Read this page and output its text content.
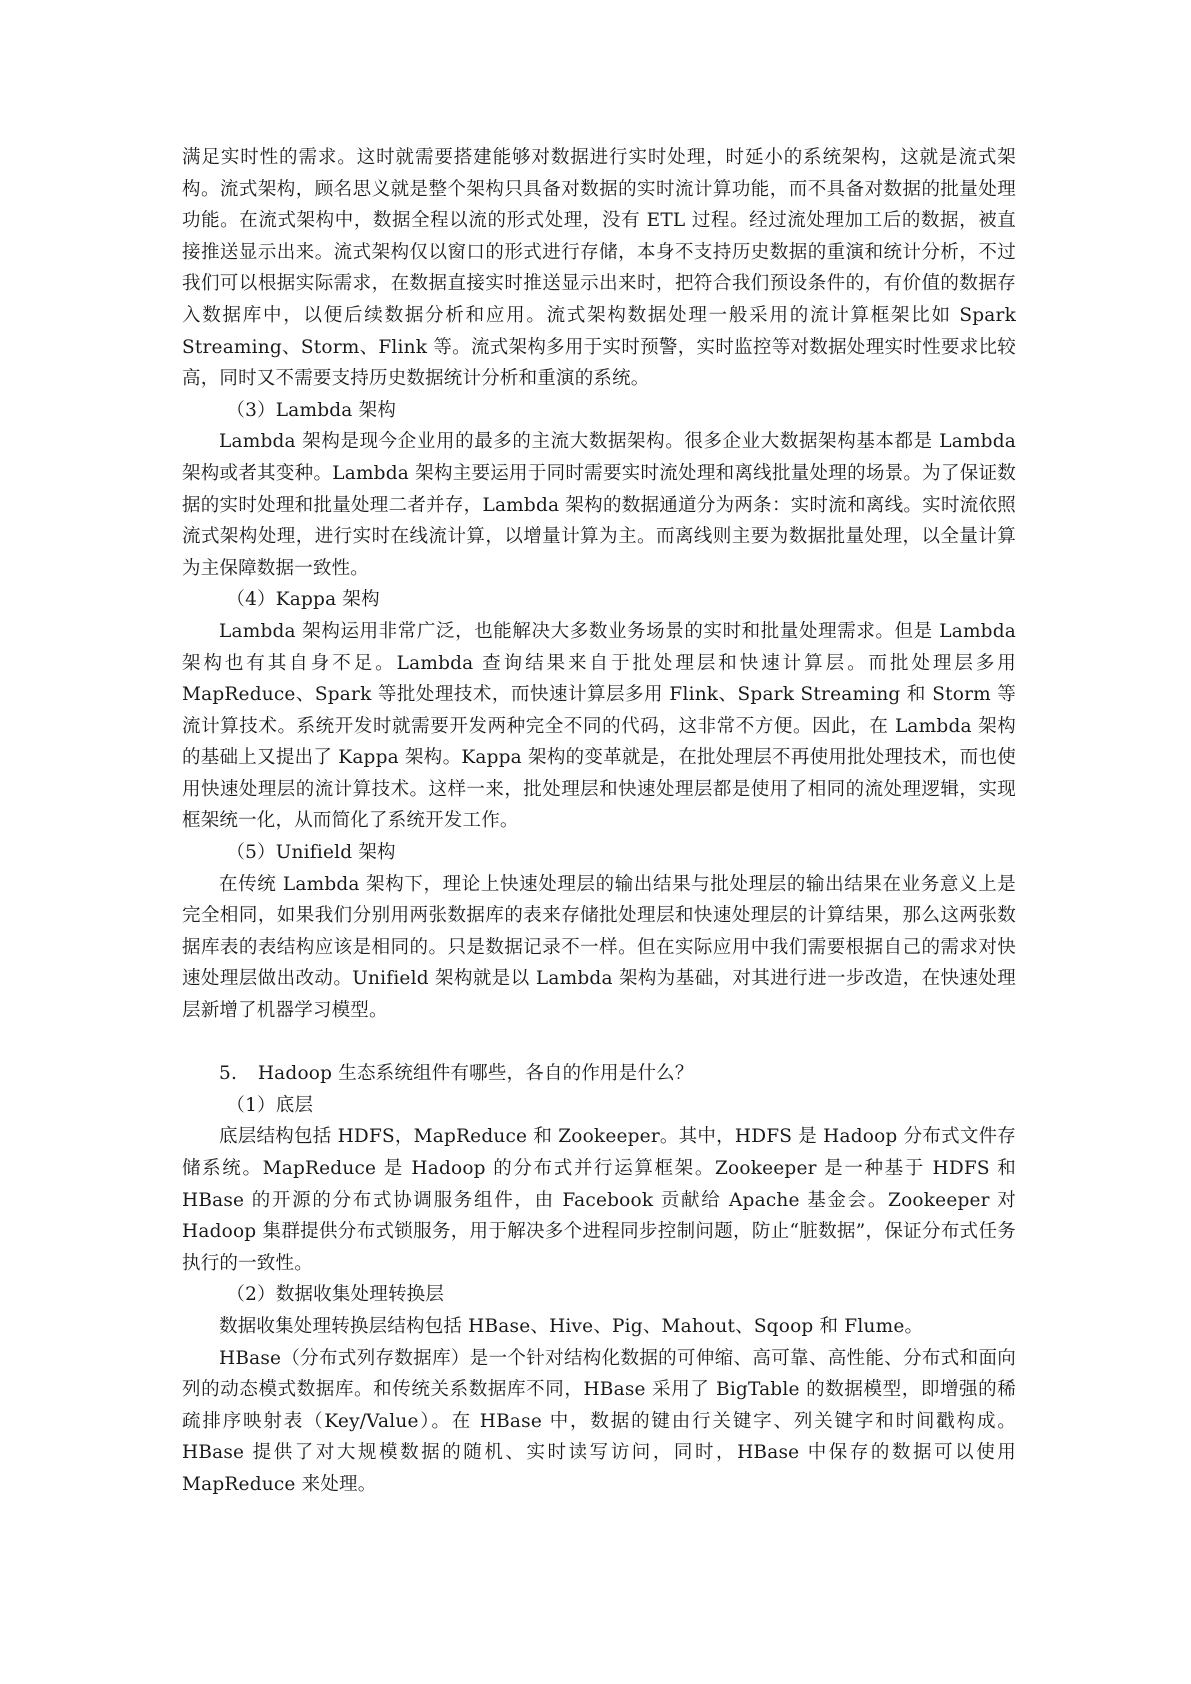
满足实时性的需求。这时就需要搭建能够对数据进行实时处理，时延小的系统架构，这就是流式架构。流式架构，顾名思义就是整个架构只具备对数据的实时流计算功能，而不具备对数据的批量处理功能。在流式架构中，数据全程以流的形式处理，没有 ETL 过程。经过流处理加工后的数据，被直接推送显示出来。流式架构仅以窗口的形式进行存储，本身不支持历史数据的重演和统计分析，不过我们可以根据实际需求，在数据直接实时推送显示出来时，把符合我们预设条件的，有价值的数据存入数据库中，以便后续数据分析和应用。流式架构数据处理一般采用的流计算框架比如 Spark Streaming、Storm、Flink 等。流式架构多用于实时预警，实时监控等对数据处理实时性要求比较高，同时又不需要支持历史数据统计分析和重演的系统。

（3）Lambda 架构

Lambda 架构是现今企业用的最多的主流大数据架构。很多企业大数据架构基本都是 Lambda 架构或者其变种。Lambda 架构主要运用于同时需要实时流处理和离线批量处理的场景。为了保证数据的实时处理和批量处理二者并存，Lambda 架构的数据通道分为两条：实时流和离线。实时流依照流式架构处理，进行实时在线流计算，以增量计算为主。而离线则主要为数据批量处理，以全量计算为主保障数据一致性。

（4）Kappa 架构

Lambda 架构运用非常广泛，也能解决大多数业务场景的实时和批量处理需求。但是 Lambda 架构也有其自身不足。Lambda 查询结果来自于批处理层和快速计算层。而批处理层多用 MapReduce、Spark 等批处理技术，而快速计算层多用 Flink、Spark Streaming 和 Storm 等流计算技术。系统开发时就需要开发两种完全不同的代码，这非常不方便。因此，在 Lambda 架构的基础上又提出了 Kappa 架构。Kappa 架构的变革就是，在批处理层不再使用批处理技术，而也使用快速处理层的流计算技术。这样一来，批处理层和快速处理层都是使用了相同的流处理逻辑，实现框架统一化，从而简化了系统开发工作。

（5）Unifield 架构

在传统 Lambda 架构下，理论上快速处理层的输出结果与批处理层的输出结果在业务意义上是完全相同，如果我们分别用两张数据库的表来存储批处理层和快速处理层的计算结果，那么这两张数据库表的表结构应该是相同的。只是数据记录不一样。但在实际应用中我们需要根据自己的需求对快速处理层做出改动。Unifield 架构就是以 Lambda 架构为基础，对其进行进一步改造，在快速处理层新增了机器学习模型。

5. Hadoop 生态系统组件有哪些，各自的作用是什么？

（1）底层

底层结构包括 HDFS，MapReduce 和 Zookeeper。其中，HDFS 是 Hadoop 分布式文件存储系统。MapReduce 是 Hadoop 的分布式并行运算框架。Zookeeper 是一种基于 HDFS 和 HBase 的开源的分布式协调服务组件，由 Facebook 贡献给 Apache 基金会。Zookeeper 对 Hadoop 集群提供分布式锁服务，用于解决多个进程同步控制问题，防止“脏数据”，保证分布式任务执行的一致性。

（2）数据收集处理转换层

数据收集处理转换层结构包括 HBase、Hive、Pig、Mahout、Sqoop 和 Flume。

HBase（分布式列存数据库）是一个针对结构化数据的可伸缩、高可靠、高性能、分布式和面向列的动态模式数据库。和传统关系数据库不同，HBase 采用了 BigTable 的数据模型，即增强的稀疏排序映射表（Key/Value）。在 HBase 中，数据的键由行关键字、列关键字和时间戳构成。HBase 提供了对大规模数据的随机、实时读写访问，同时，HBase 中保存的数据可以使用 MapReduce 来处理。
